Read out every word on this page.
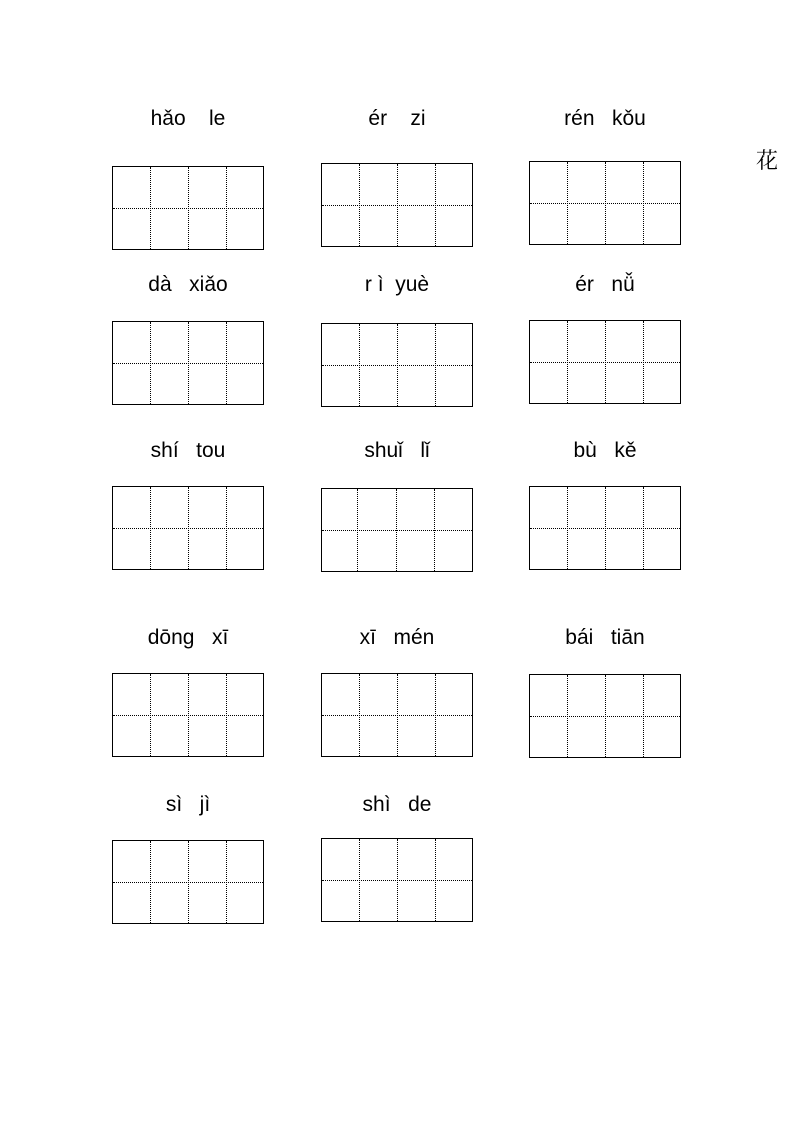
花
hǎo    le	ér    zi	rén   kǒu
dà   xiǎo	r ì  yuè	ér   nǚ
shí   tou	shuǐ   lǐ	bù   kě
dōng   xī	xī   mén	bái   tiān
sì   jì	shì   de
